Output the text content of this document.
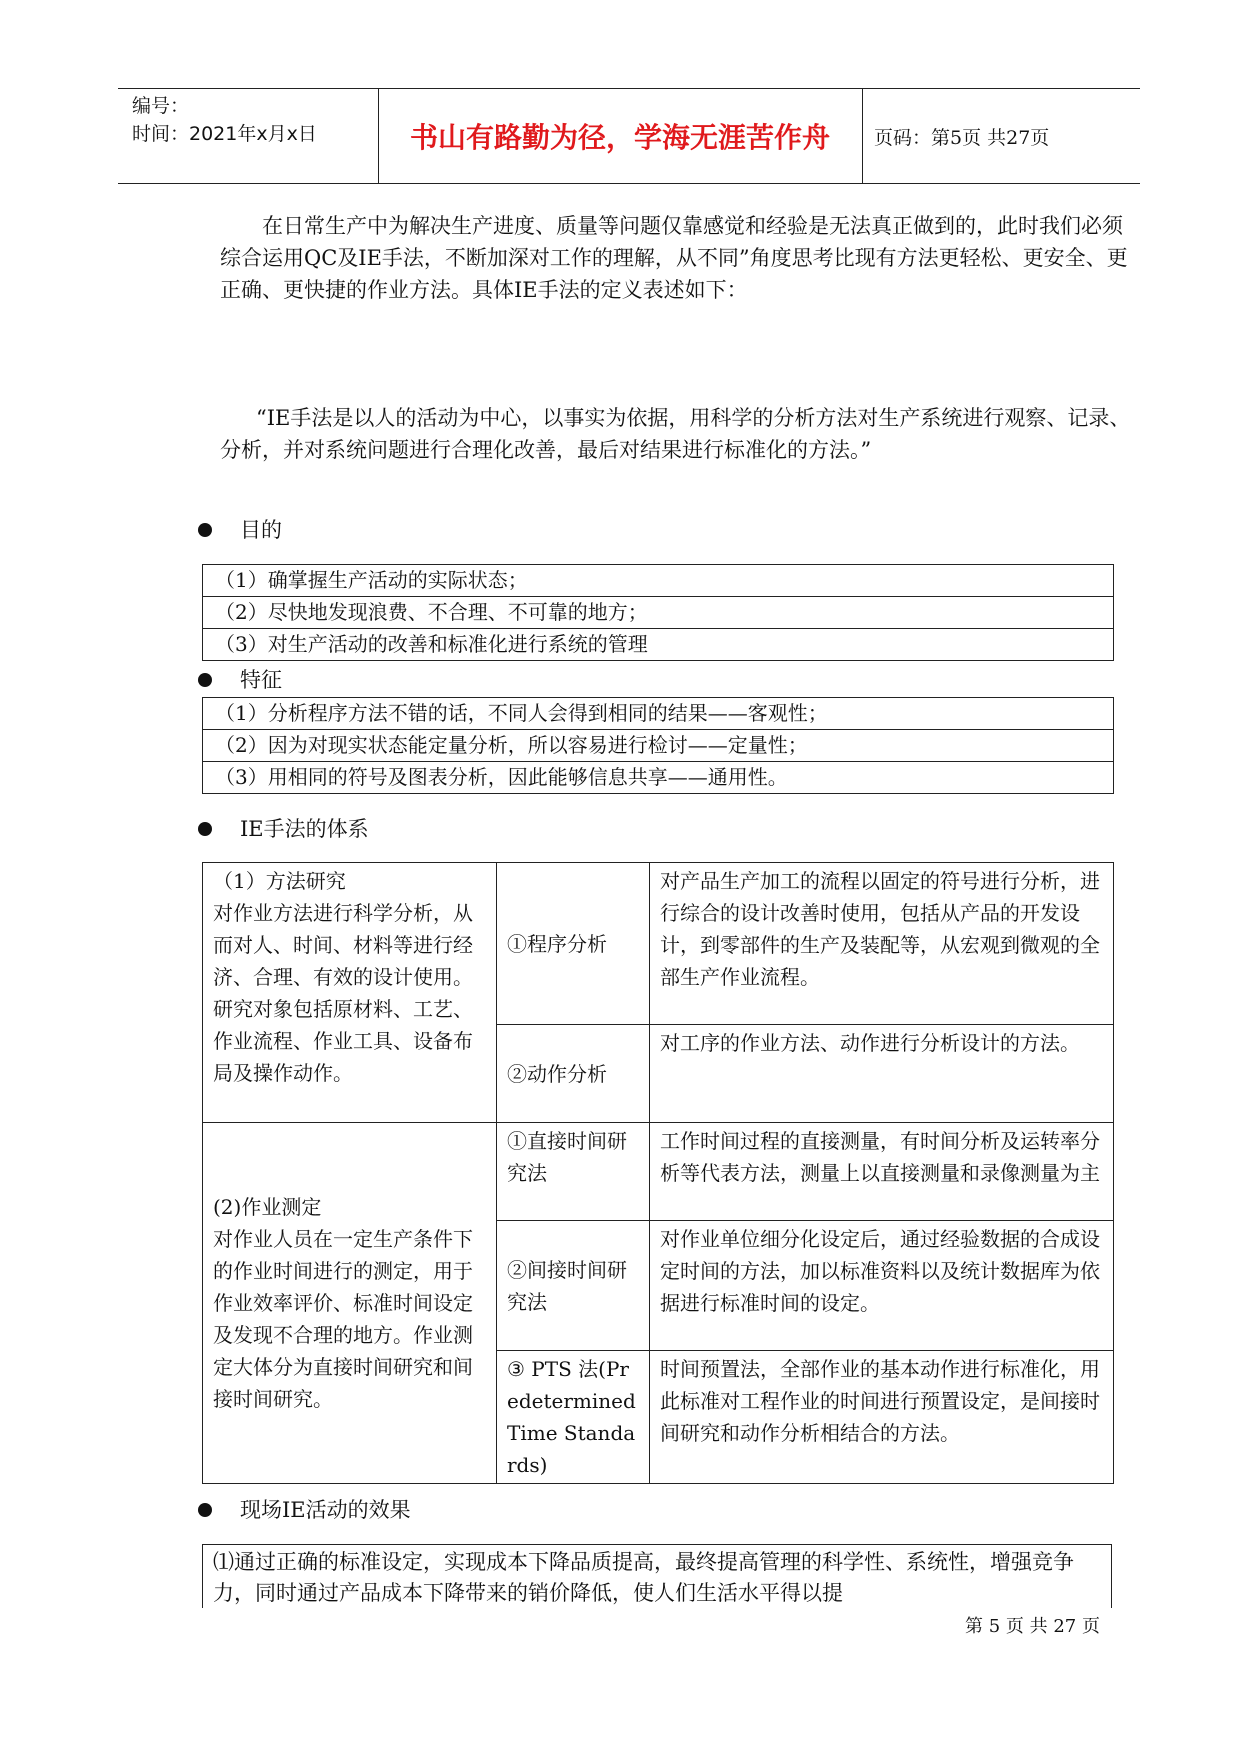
编号：
时间：2021年x月x日	书山有路勤为径，学海无涯苦作舟	页码：第5页 共27页

在日常生产中为解决生产进度、质量等问题仅靠感觉和经验是无法真正做到的，此时我们必须综合运用QC及IE手法，不断加深对工作的理解，从不同”角度思考比现有方法更轻松、更安全、更正确、更快捷的作业方法。具体IE手法的定义表述如下：

“IE手法是以人的活动为中心，以事实为依据，用科学的分析方法对生产系统进行观察、记录、分析，并对系统问题进行合理化改善，最后对结果进行标准化的方法。”

目的
（1）确掌握生产活动的实际状态；
（2）尽快地发现浪费、不合理、不可靠的地方；
（3）对生产活动的改善和标准化进行系统的管理
特征
（1）分析程序方法不错的话，不同人会得到相同的结果——客观性；
（2）因为对现实状态能定量分析，所以容易进行检讨——定量性；
（3）用相同的符号及图表分析，因此能够信息共享——通用性。
IE手法的体系
（1）方法研究
对作业方法进行科学分析，从而对人、时间、材料等进行经济、合理、有效的设计使用。研究对象包括原材料、工艺、作业流程、作业工具、设备布局及操作动作。	①程序分析	对产品生产加工的流程以固定的符号进行分析，进行综合的设计改善时使用，包括从产品的开发设计，到零部件的生产及装配等，从宏观到微观的全部生产作业流程。
	②动作分析	对工序的作业方法、动作进行分析设计的方法。
(2)作业测定
对作业人员在一定生产条件下的作业时间进行的测定，用于作业效率评价、标准时间设定及发现不合理的地方。作业测定大体分为直接时间研究和间接时间研究。	①直接时间研究法	工作时间过程的直接测量，有时间分析及运转率分析等代表方法，测量上以直接测量和录像测量为主
	②间接时间研究法	对作业单位细分化设定后，通过经验数据的合成设定时间的方法，加以标准资料以及统计数据库为依据进行标准时间的设定。
	③ PTS 法(Predetermined Time Standards)	时间预置法，全部作业的基本动作进行标准化，用此标准对工程作业的时间进行预置设定，是间接时间研究和动作分析相结合的方法。
现场IE活动的效果
⑴通过正确的标准设定，实现成本下降品质提高，最终提高管理的科学性、系统性，增强竞争力，同时通过产品成本下降带来的销价降低，使人们生活水平得以提
第 5 页 共 27 页
